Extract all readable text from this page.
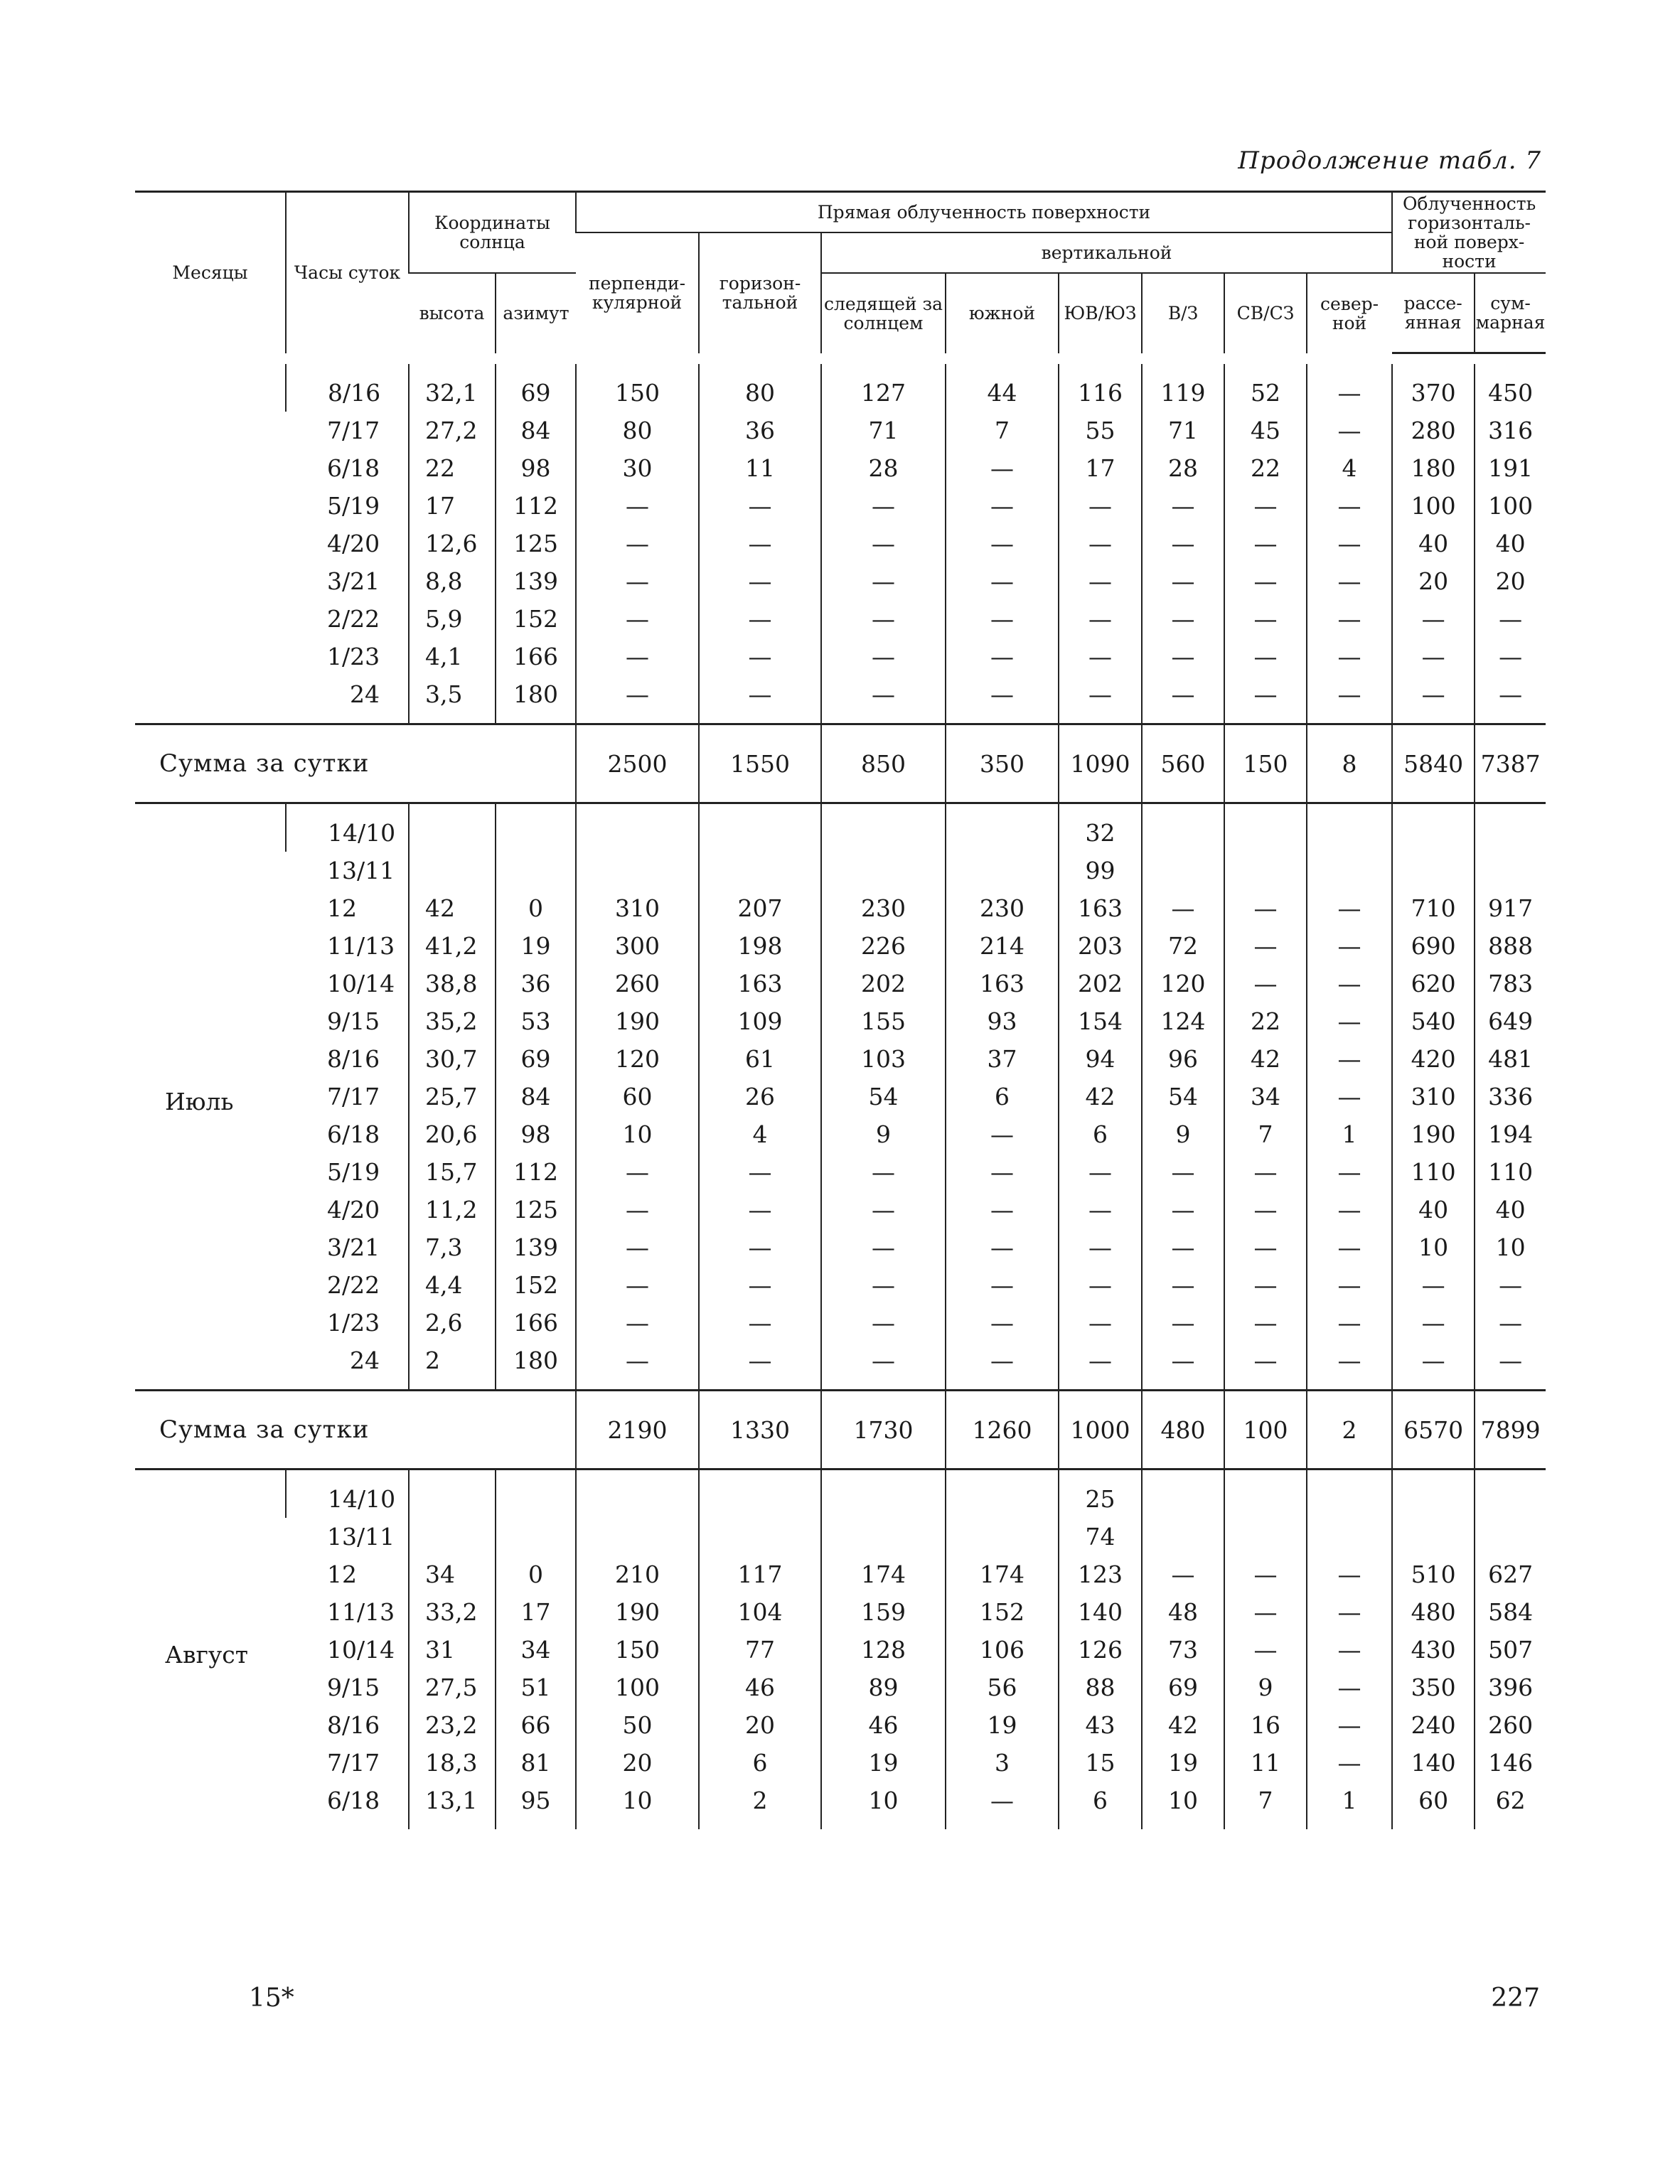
Продолжение табл. 7
Месяцы	Часы суток	Координаты солнца		Прямая облученность поверхности								Облученность горизонталь- ной поверх- ности	
				перпенди- кулярной	горизон- тальной	вертикальной							
		высота	азимут			следящей за солнцем	южной	ЮВ/ЮЗ	В/З	СВ/СЗ	север- ной		
												рассе- янная	сум- марная

	8/16	32,1	69	150	80	127	44	116	119	52	—	370	450
	7/17	27,2	84	80	36	71	7	55	71	45	—	280	316
	6/18	22	98	30	11	28	—	17	28	22	4	180	191
	5/19	17	112	—	—	—	—	—	—	—	—	100	100
	4/20	12,6	125	—	—	—	—	—	—	—	—	40	40
	3/21	8,8	139	—	—	—	—	—	—	—	—	20	20
	2/22	5,9	152	—	—	—	—	—	—	—	—	—	—
	1/23	4,1	166	—	—	—	—	—	—	—	—	—	—
	24	3,5	180	—	—	—	—	—	—	—	—	—	—

Сумма за сутки				2500	1550	850	350	1090	560	150	8	5840	7387

Июль	14/10							32					
	13/11							99					
	12	42	0	310	207	230	230	163	—	—	—	710	917
	11/13	41,2	19	300	198	226	214	203	72	—	—	690	888
	10/14	38,8	36	260	163	202	163	202	120	—	—	620	783
	9/15	35,2	53	190	109	155	93	154	124	22	—	540	649
	8/16	30,7	69	120	61	103	37	94	96	42	—	420	481
	7/17	25,7	84	60	26	54	6	42	54	34	—	310	336
	6/18	20,6	98	10	4	9	—	6	9	7	1	190	194
	5/19	15,7	112	—	—	—	—	—	—	—	—	110	110
	4/20	11,2	125	—	—	—	—	—	—	—	—	40	40
	3/21	7,3	139	—	—	—	—	—	—	—	—	10	10
	2/22	4,4	152	—	—	—	—	—	—	—	—	—	—
	1/23	2,6	166	—	—	—	—	—	—	—	—	—	—
	24	2	180	—	—	—	—	—	—	—	—	—	—

Сумма за сутки				2190	1330	1730	1260	1000	480	100	2	6570	7899

Август	14/10							25					
	13/11							74					
	12	34	0	210	117	174	174	123	—	—	—	510	627
	11/13	33,2	17	190	104	159	152	140	48	—	—	480	584
	10/14	31	34	150	77	128	106	126	73	—	—	430	507
	9/15	27,5	51	100	46	89	56	88	69	9	—	350	396
	8/16	23,2	66	50	20	46	19	43	42	16	—	240	260
	7/17	18,3	81	20	6	19	3	15	19	11	—	140	146
	6/18	13,1	95	10	2	10	—	6	10	7	1	60	62

15*	227
